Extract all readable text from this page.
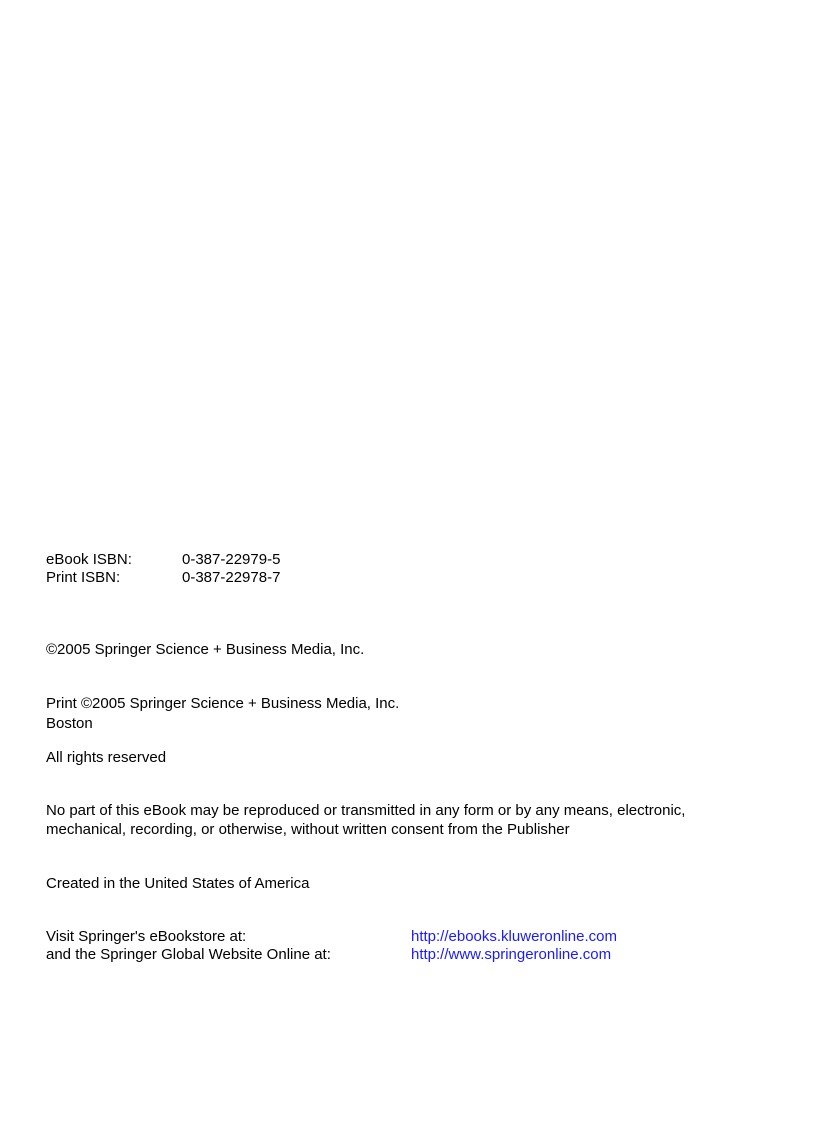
eBook ISBN:	0-387-22979-5
Print ISBN:	0-387-22978-7
©2005 Springer Science + Business Media, Inc.
Print ©2005 Springer Science + Business Media, Inc.
Boston
All rights reserved
No part of this eBook may be reproduced or transmitted in any form or by any means, electronic,
mechanical, recording, or otherwise, without written consent from the Publisher
Created in the United States of America
Visit Springer's eBookstore at:	http://ebooks.kluweronline.com
and the Springer Global Website Online at:	http://www.springeronline.com
